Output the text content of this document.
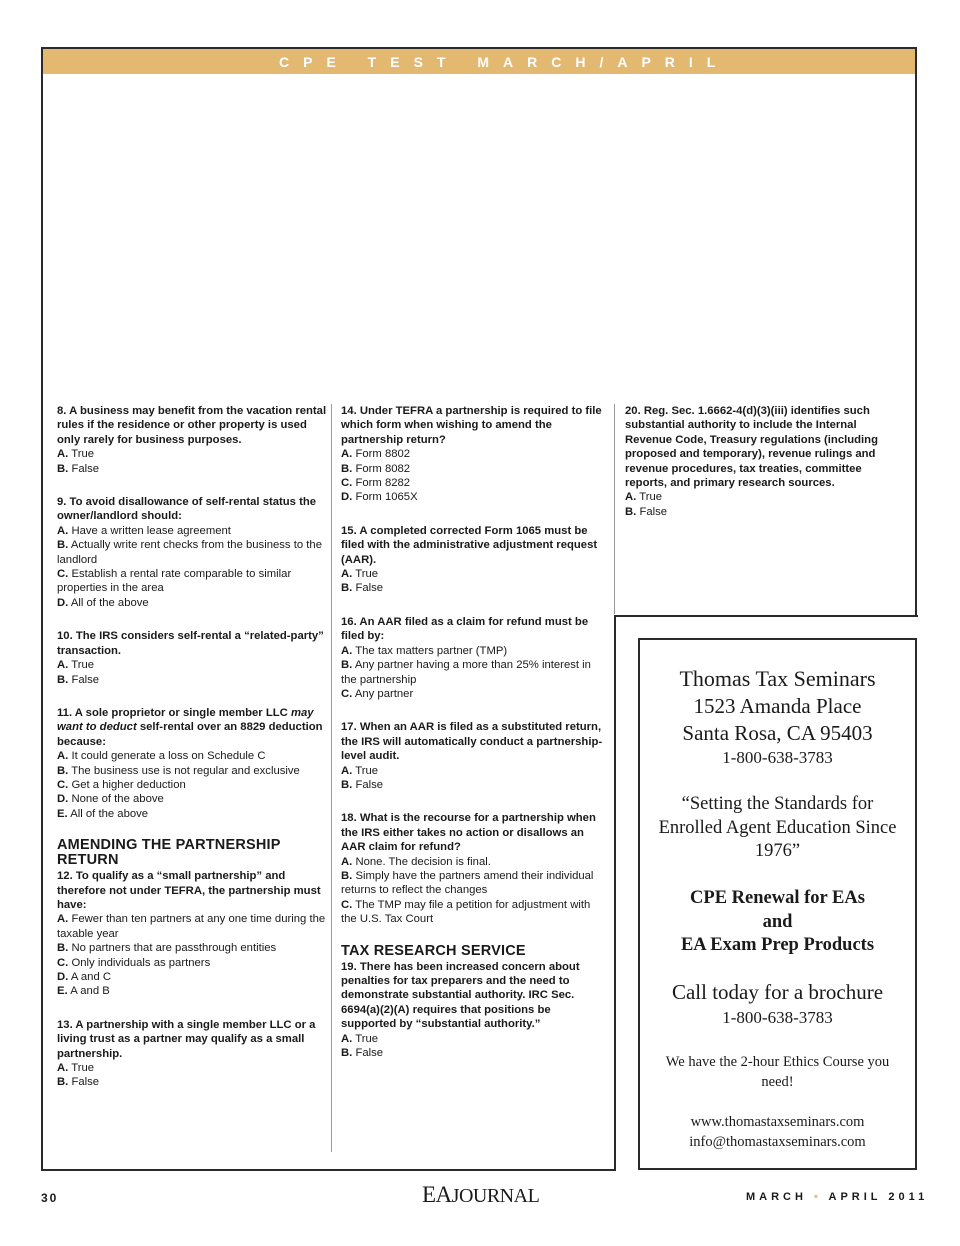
CPE TEST MARCH/APRIL
8. A business may benefit from the vacation rental rules if the residence or other property is used only rarely for business purposes.
A. True
B. False
9. To avoid disallowance of self-rental status the owner/landlord should:
A. Have a written lease agreement
B. Actually write rent checks from the business to the landlord
C. Establish a rental rate comparable to similar properties in the area
D. All of the above
10. The IRS considers self-rental a “related-party” transaction.
A. True
B. False
11. A sole proprietor or single member LLC may want to deduct self-rental over an 8829 deduction because:
A. It could generate a loss on Schedule C
B. The business use is not regular and exclusive
C. Get a higher deduction
D. None of the above
E. All of the above
AMENDING THE PARTNERSHIP RETURN
12. To qualify as a “small partnership” and therefore not under TEFRA, the partnership must have:
A. Fewer than ten partners at any one time during the taxable year
B. No partners that are passthrough entities
C. Only individuals as partners
D. A and C
E. A and B
13. A partnership with a single member LLC or a living trust as a partner may qualify as a small partnership.
A. True
B. False
14. Under TEFRA a partnership is required to file which form when wishing to amend the partnership return?
A. Form 8802
B. Form 8082
C. Form 8282
D. Form 1065X
15. A completed corrected Form 1065 must be filed with the administrative adjustment request (AAR).
A. True
B. False
16. An AAR filed as a claim for refund must be filed by:
A. The tax matters partner (TMP)
B. Any partner having a more than 25% interest in the partnership
C. Any partner
17. When an AAR is filed as a substituted return, the IRS will automatically conduct a partnership-level audit.
A. True
B. False
18. What is the recourse for a partnership when the IRS either takes no action or disallows an AAR claim for refund?
A. None. The decision is final.
B. Simply have the partners amend their individual returns to reflect the changes
C. The TMP may file a petition for adjustment with the U.S. Tax Court
TAX RESEARCH SERVICE
19. There has been increased concern about penalties for tax preparers and the need to demonstrate substantial authority. IRC Sec. 6694(a)(2)(A) requires that positions be supported by “substantial authority.”
A. True
B. False
20. Reg. Sec. 1.6662-4(d)(3)(iii) identifies such substantial authority to include the Internal Revenue Code, Treasury regulations (including proposed and temporary), revenue rulings and revenue procedures, tax treaties, committee reports, and primary research sources.
A. True
B. False
Thomas Tax Seminars
1523 Amanda Place
Santa Rosa, CA 95403
1-800-638-3783
“Setting the Standards for Enrolled Agent Education Since 1976”
CPE Renewal for EAs
and
EA Exam Prep Products
Call today for a brochure
1-800-638-3783
We have the 2-hour Ethics Course you need!
www.thomastaxseminars.com
info@thomastaxseminars.com
30	EAJOURNAL	MARCH • APRIL 2011
